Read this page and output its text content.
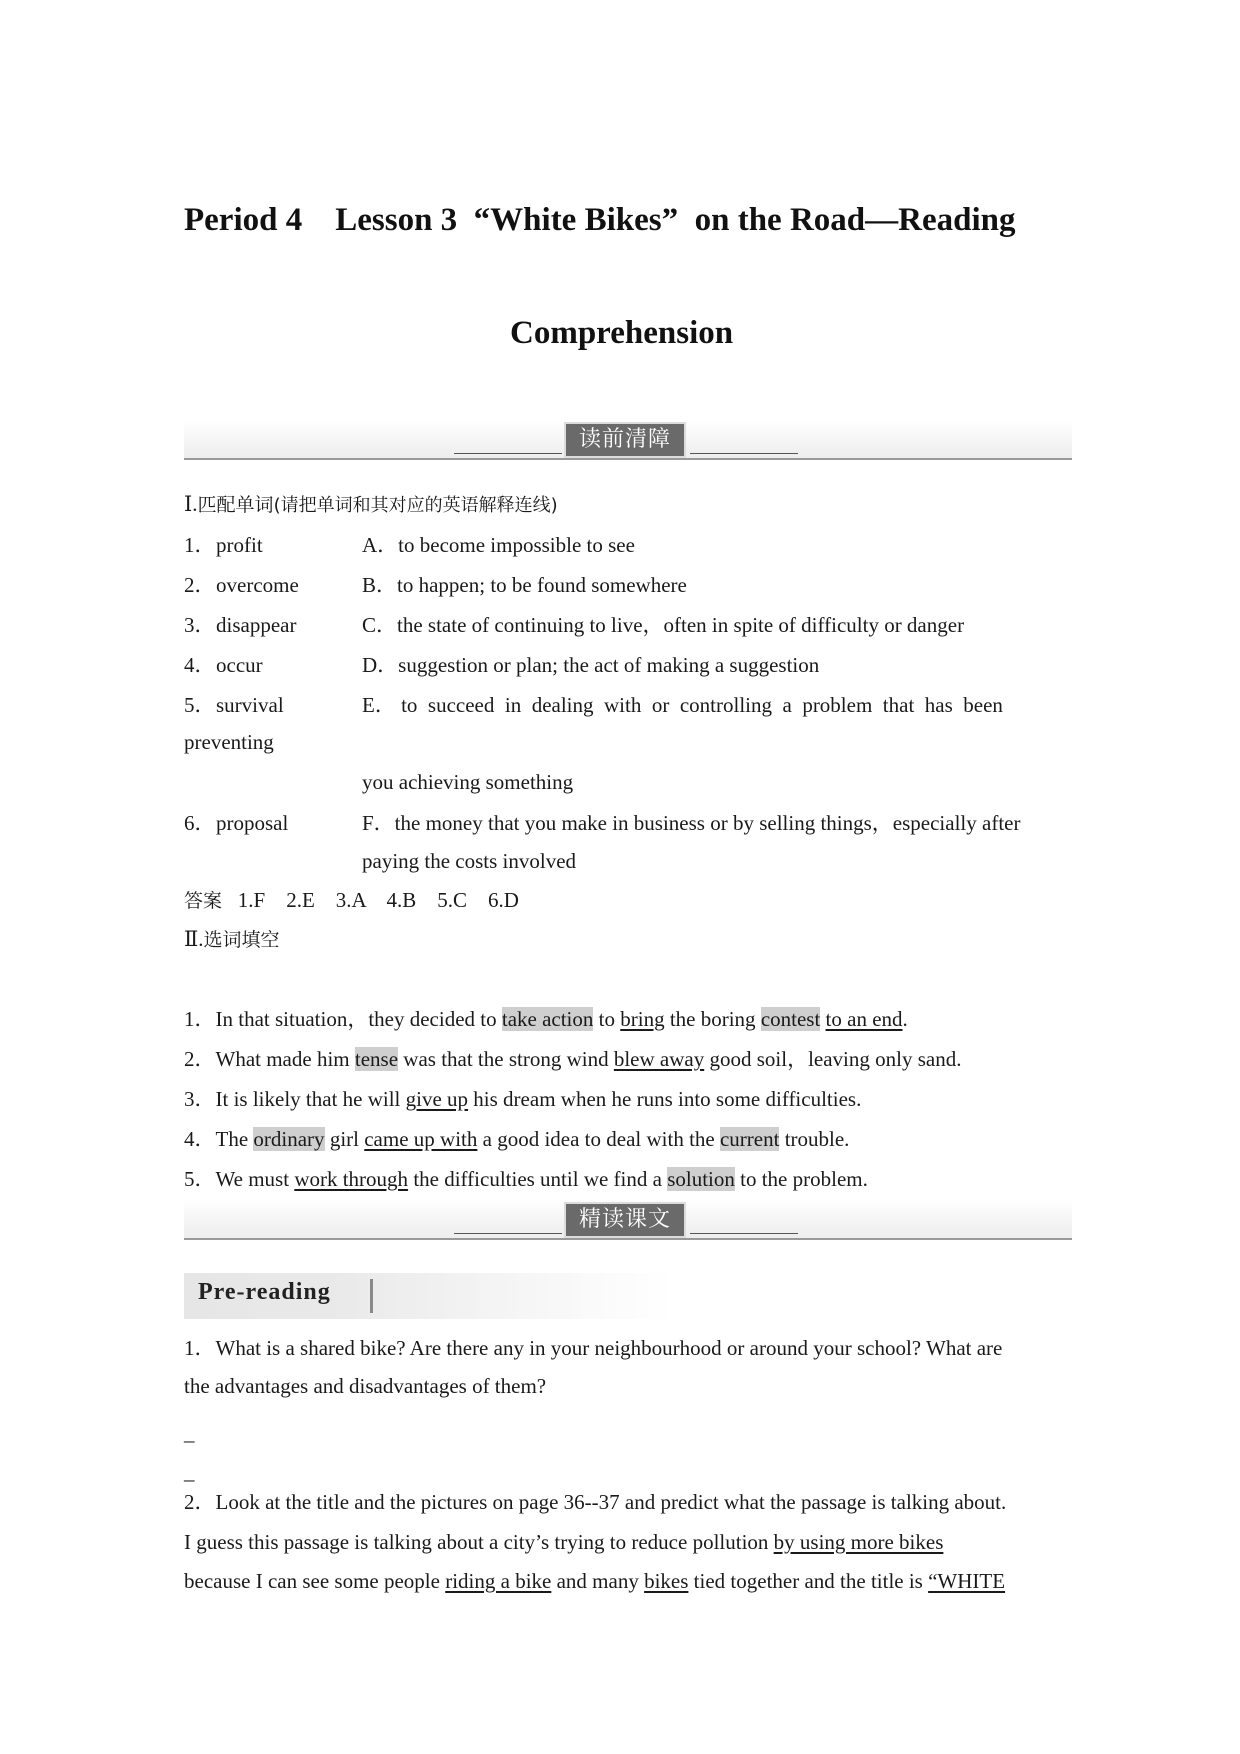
Period 4    Lesson 3  “White Bikes”  on the Road—Reading
Comprehension
读前清障
Ⅰ.匹配单词(请把单词和其对应的英语解释连线)
1． profit
2． overcome
3． disappear
4． occur
5． survival
preventing
6． proposal
A．to become impossible to see
B．to happen; to be found somewhere
C．the state of continuing to live，often in spite of difficulty or danger
D．suggestion or plan; the act of making a suggestion
E． to  succeed  in  dealing  with  or  controlling  a  problem  that  has  been
you achieving something
F．the money that you make in business or by selling things，especially after
paying the costs involved
答案 1.F    2.E    3.A    4.B    5.C    6.D
Ⅱ.选词填空
1．In that situation，they decided to take action to bring the boring contest to an end.
2．What made him tense was that the strong wind blew away good soil，leaving only sand.
3．It is likely that he will give up his dream when he runs into some difficulties.
4．The ordinary girl came up with a good idea to deal with the current trouble.
5．We must work through the difficulties until we find a solution to the problem.
精读课文
Pre-reading
1．What is a shared bike? Are there any in your neighbourhood or around your school? What are
the advantages and disadvantages of them?
_
_
2．Look at the title and the pictures on page 36--37 and predict what the passage is talking about.
I guess this passage is talking about a city’s trying to reduce pollution by using more bikes
because I can see some people riding a bike and many bikes tied together and the title is “WHITE
